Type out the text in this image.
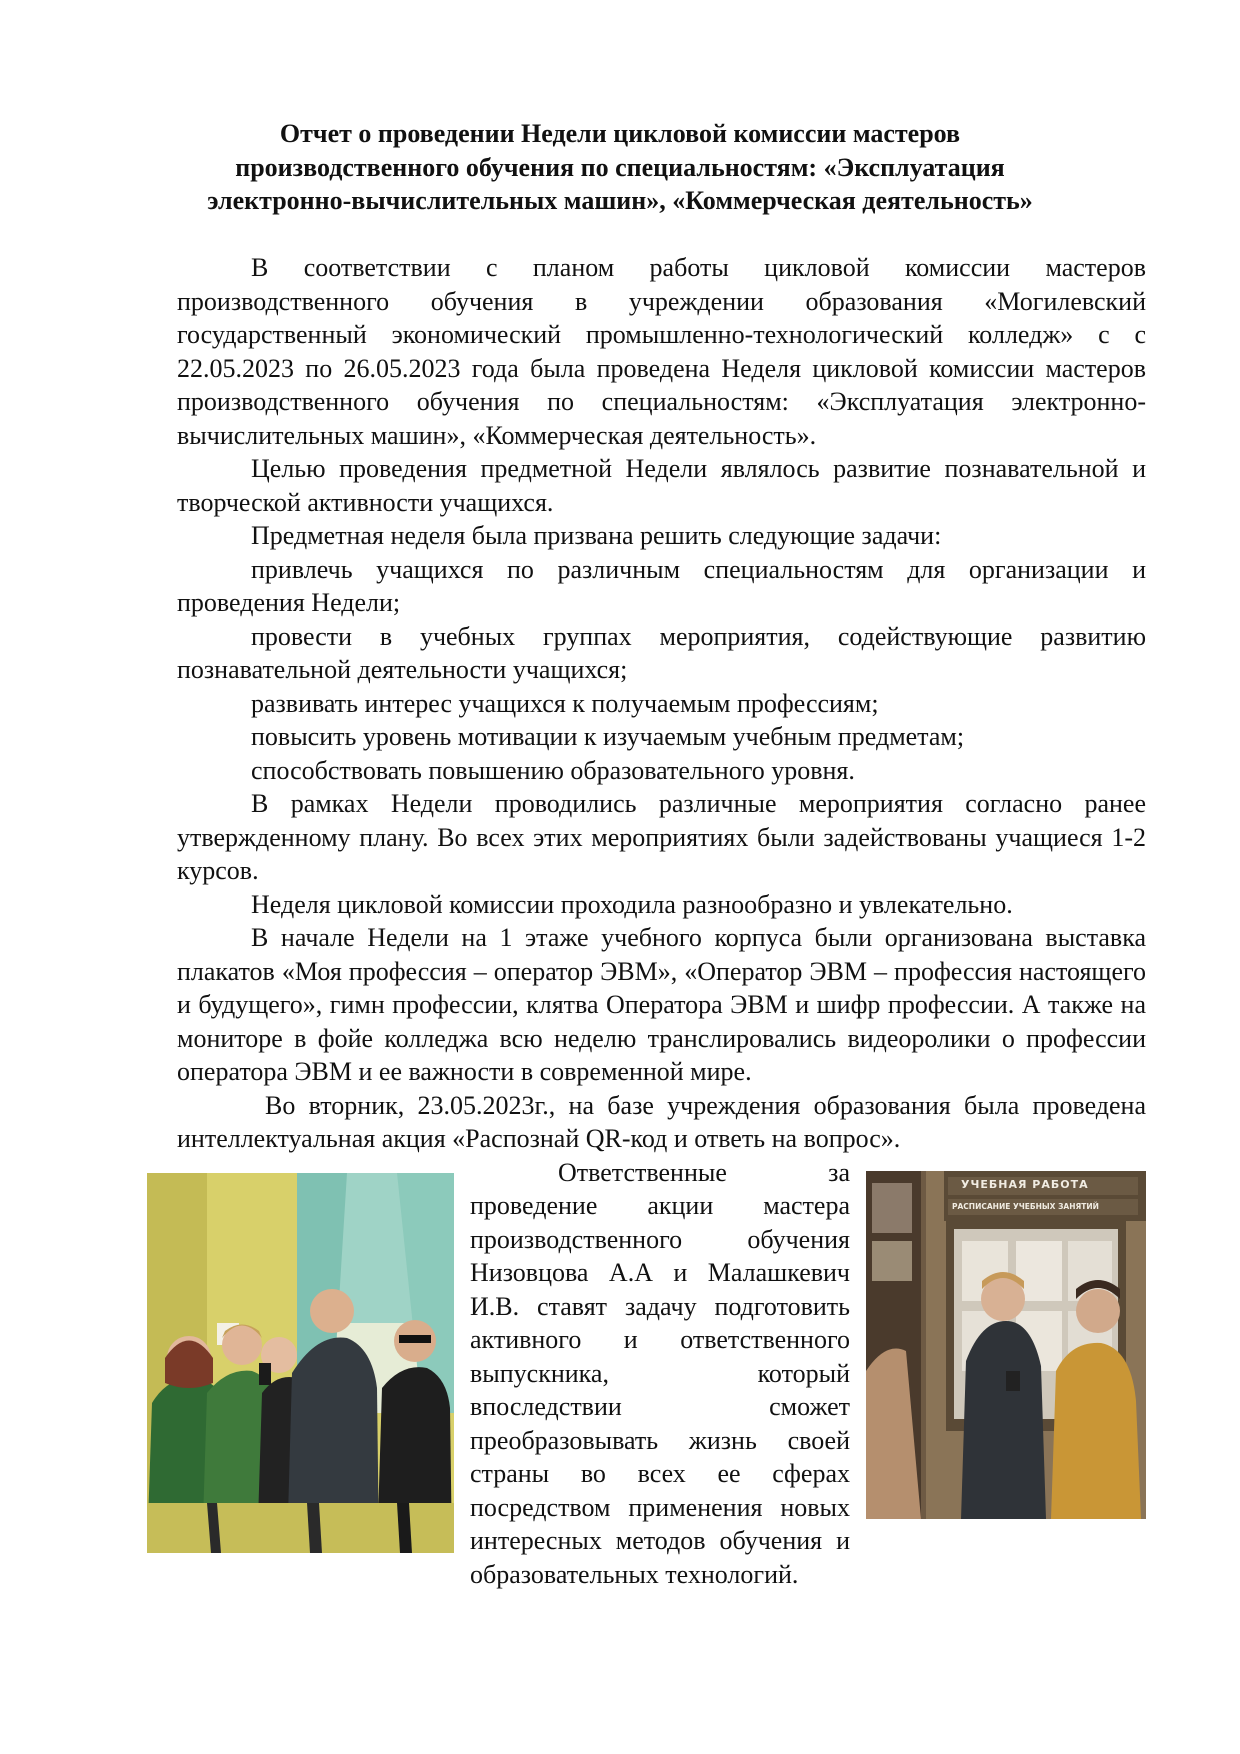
Отчет о проведении Недели цикловой комиссии мастеров
производственного обучения по специальностям: «Эксплуатация
электронно-вычислительных машин», «Коммерческая деятельность»

В соответствии с планом работы цикловой комиссии мастеров производственного обучения в учреждении образования «Могилевский государственный экономический промышленно-технологический колледж» с с 22.05.2023 по 26.05.2023 года была проведена Неделя цикловой комиссии мастеров производственного обучения по специальностям: «Эксплуатация электронно-вычислительных машин», «Коммерческая деятельность».

Целью проведения предметной Недели являлось развитие познавательной и творческой активности учащихся.

Предметная неделя была призвана решить следующие задачи:

привлечь учащихся по различным специальностям для организации и проведения Недели;

провести в учебных группах мероприятия, содействующие развитию познавательной деятельности учащихся;

развивать интерес учащихся к получаемым профессиям;

повысить уровень мотивации к изучаемым учебным предметам;

способствовать повышению образовательного уровня.

В рамках Недели проводились различные мероприятия согласно ранее утвержденному плану. Во всех этих мероприятиях были задействованы учащиеся 1-2 курсов.

Неделя цикловой комиссии проходила разнообразно и увлекательно.

В начале Недели на 1 этаже учебного корпуса были организована выставка плакатов «Моя профессия – оператор ЭВМ», «Оператор ЭВМ – профессия настоящего и будущего», гимн профессии, клятва Оператора ЭВМ и шифр профессии. А также на мониторе в фойе колледжа всю неделю транслировались видеоролики о профессии оператора ЭВМ и ее важности в современной мире.

Во вторник, 23.05.2023г., на базе учреждения образования была проведена интеллектуальная акция «Распознай QR-код и ответь на вопрос».

УЧЕБНАЯ РАБОТА
РАСПИСАНИЕ УЧЕБНЫХ ЗАНЯТИЙ

Ответственные за проведение акции мастера производственного обучения Низовцова А.А и Малашкевич И.В. ставят задачу подготовить активного и ответственного выпускника, который впоследствии сможет преобразовывать жизнь своей страны во всех ее сферах посредством применения новых интересных методов обучения и образовательных технологий.
